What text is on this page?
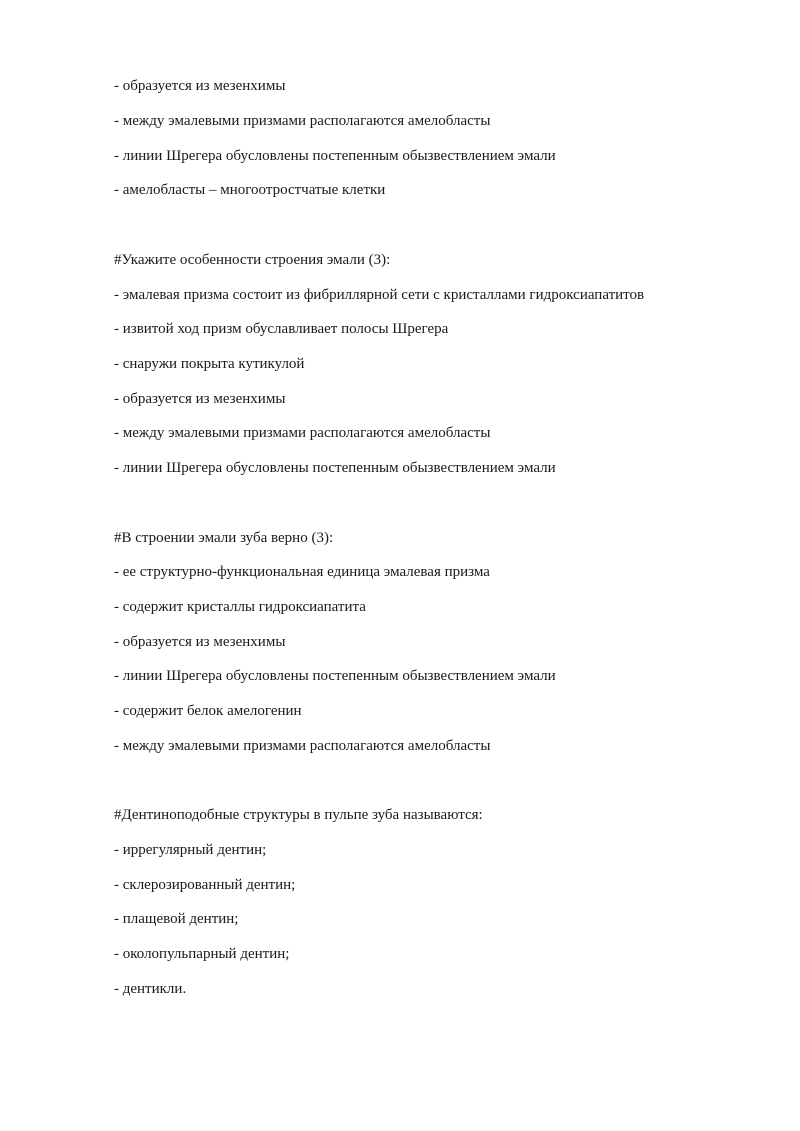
- образуется из мезенхимы
- между эмалевыми призмами располагаются амелобласты
- линии Шрегера обусловлены постепенным обызвествлением эмали
- амелобласты – многоотростчатые клетки
#Укажите особенности строения эмали (3):
- эмалевая призма состоит из фибриллярной сети с кристаллами гидроксиапатитов
- извитой ход призм обуславливает полосы Шрегера
- снаружи покрыта кутикулой
- образуется из мезенхимы
- между эмалевыми призмами располагаются амелобласты
- линии Шрегера обусловлены постепенным обызвествлением эмали
#В строении эмали зуба верно (3):
- ее структурно-функциональная единица эмалевая призма
- содержит кристаллы гидроксиапатита
- образуется из мезенхимы
- линии Шрегера обусловлены постепенным обызвествлением эмали
- содержит белок амелогенин
- между эмалевыми призмами располагаются амелобласты
#Дентиноподобные структуры в пульпе зуба называются:
- иррегулярный дентин;
- склерозированный дентин;
- плащевой дентин;
- околопульпарный дентин;
- дентикли.
